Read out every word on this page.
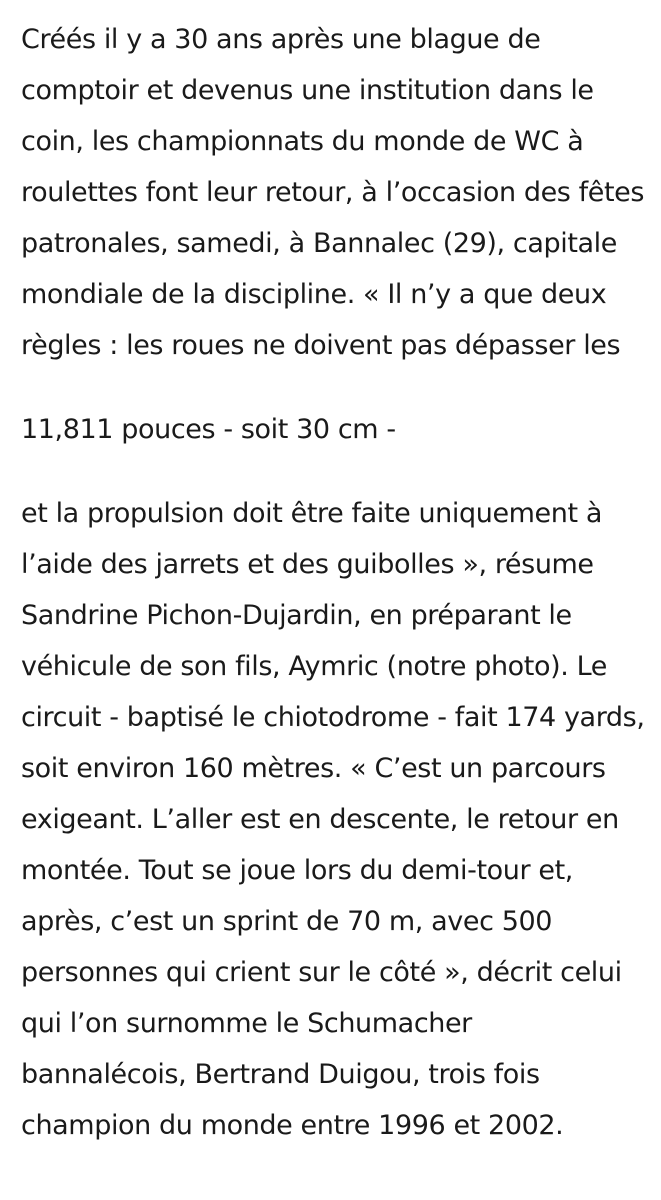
Créés il y a 30 ans après une blague de comptoir et devenus une institution dans le coin, les championnats du monde de WC à roulettes font leur retour, à l’occasion des fêtes patronales, samedi, à Bannalec (29), capitale mondiale de la discipline. « Il n’y a que deux règles : les roues ne doivent pas dépasser les

11,811 pouces - soit 30 cm -

et la propulsion doit être faite uniquement à l’aide des jarrets et des guibolles », résume Sandrine Pichon-Dujardin, en préparant le véhicule de son fils, Aymric (notre photo). Le circuit - baptisé le chiotodrome - fait 174 yards, soit environ 160 mètres. « C’est un parcours exigeant. L’aller est en descente, le retour en montée. Tout se joue lors du demi-tour et, après, c’est un sprint de 70 m, avec 500 personnes qui crient sur le côté », décrit celui qui l’on surnomme le Schumacher bannalécois, Bertrand Duigou, trois fois champion du monde entre 1996 et 2002.
